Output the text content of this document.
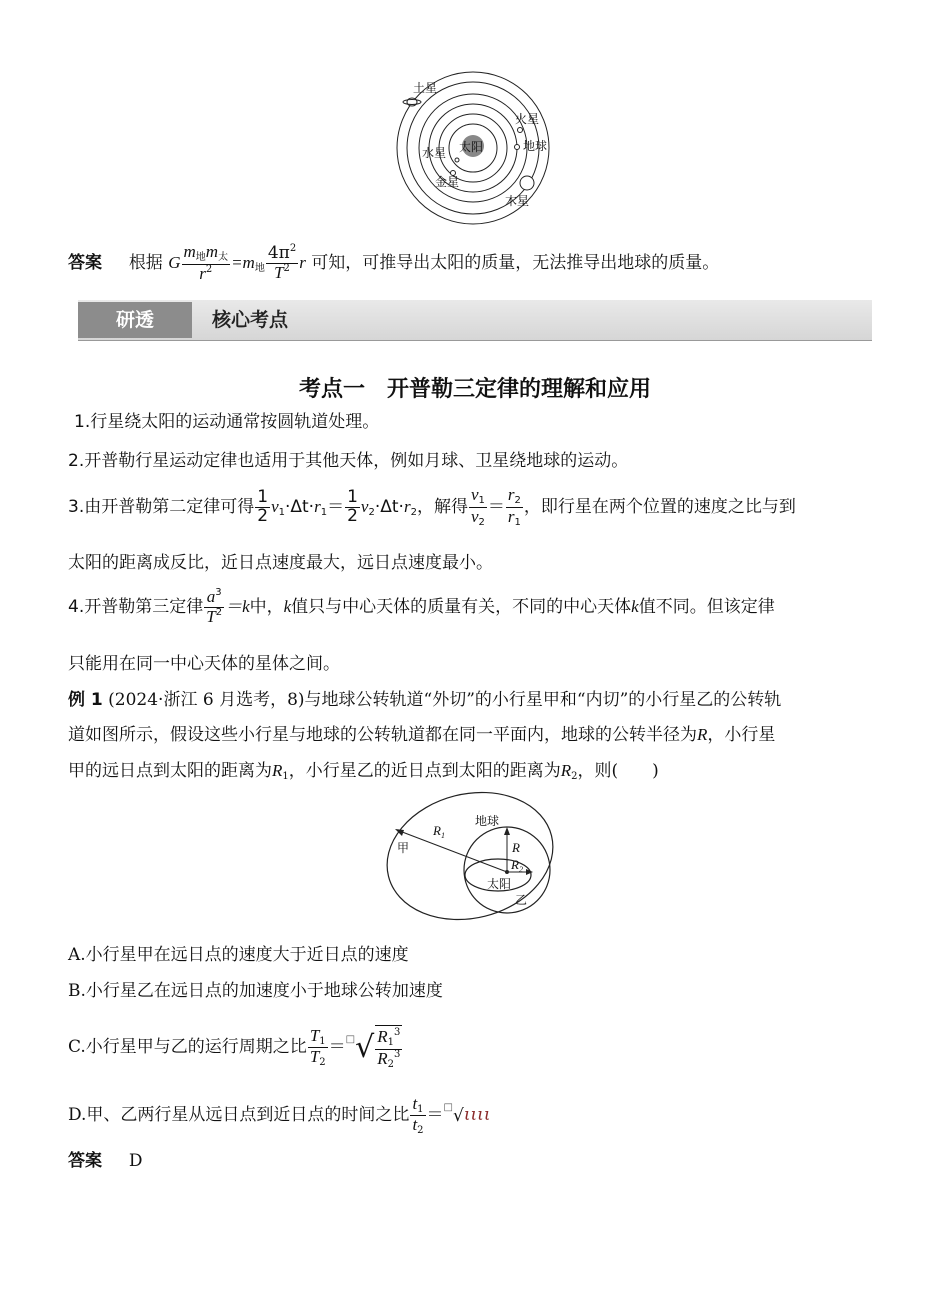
土星
火星
地球
水星 太阳
金星
木星
答案 根据 G $\frac{m_地m_太}{r^2} =m_地 \frac{4\pi^2}{T^2}$ r 可知，可推导出太阳的质量，无法推导出地球的质量。
研透	核心考点
考点一　开普勒三定律的理解和应用
1.行星绕太阳的运动通常按圆轨道处理。
2.开普勒行星运动定律也适用于其他天体，例如月球、卫星绕地球的运动。
3.由开普勒第二定律可得 $\frac{1}{2} v_1\cdot\Delta t\cdot r_1= \frac{1}{2} v_2\cdot\Delta t\cdot r_2$，解得 $\frac{v_1}{v_2} = \frac{r_2}{r_1}$ ，即行星在两个位置的速度之比与到
太阳的距离成反比，近日点速度最大，远日点速度最小。
4.开普勒第三定律 $\frac{a^3}{T^2} =k$中，k值只与中心天体的质量有关，不同的中心天体k值不同。但该定律
只能用在同一中心天体的星体之间。
例 1 (2024·浙江 6 月选考，8)与地球公转轨道“外切”的小行星甲和“内切”的小行星乙的公转轨
道如图所示，假设这些小行星与地球的公转轨道都在同一平面内，地球的公转半径为R，小行星
甲的远日点到太阳的距离为$R_1$，小行星乙的近日点到太阳的距离为$R_2$，则(　　)
$R_1$
R
$R_2$
甲
地球
太阳
乙
A.小行星甲在远日点的速度大于近日点的速度
B.小行星乙在远日点的加速度小于地球公转加速度
C.小行星甲与乙的运行周期之比 $\frac{T_1}{T_2} =^□√ \frac{R_1^3}{R_2^3}$
D.甲、乙两行星从远日点到近日点的时间之比 $\frac{t_1}{t_2} =^□√\iota\iota\iota\iota$
答案 D
